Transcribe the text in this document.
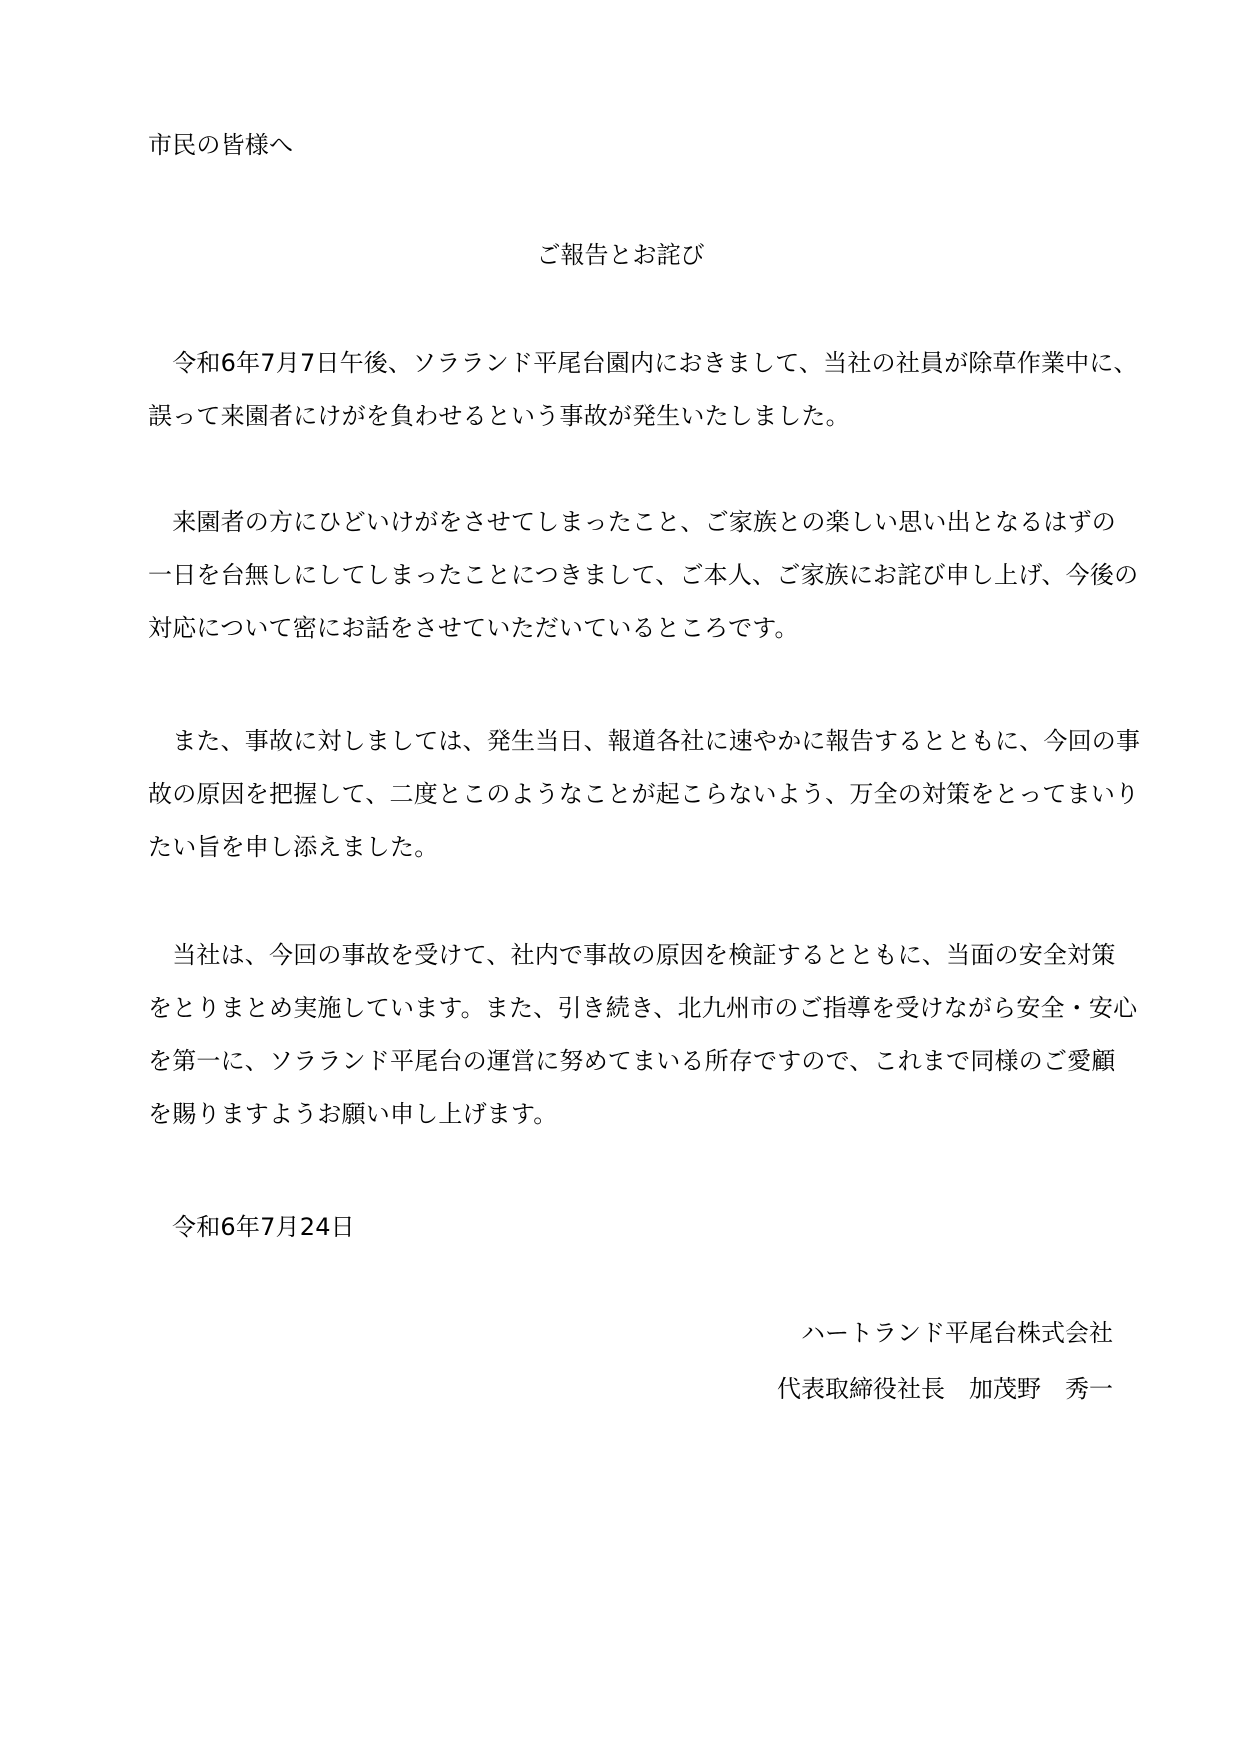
市民の皆様へ
ご報告とお詫び
　令和6年7月7日午後、ソラランド平尾台園内におきまして、当社の社員が除草作業中に、
誤って来園者にけがを負わせるという事故が発生いたしました。
　来園者の方にひどいけがをさせてしまったこと、ご家族との楽しい思い出となるはずの
一日を台無しにしてしまったことにつきまして、ご本人、ご家族にお詫び申し上げ、今後の
対応について密にお話をさせていただいているところです。
　また、事故に対しましては、発生当日、報道各社に速やかに報告するとともに、今回の事
故の原因を把握して、二度とこのようなことが起こらないよう、万全の対策をとってまいり
たい旨を申し添えました。
　当社は、今回の事故を受けて、社内で事故の原因を検証するとともに、当面の安全対策
をとりまとめ実施しています。また、引き続き、北九州市のご指導を受けながら安全・安心
を第一に、ソラランド平尾台の運営に努めてまいる所存ですので、これまで同様のご愛顧
を賜りますようお願い申し上げます。
令和6年7月24日
ハートランド平尾台株式会社
代表取締役社長　加茂野　秀一
